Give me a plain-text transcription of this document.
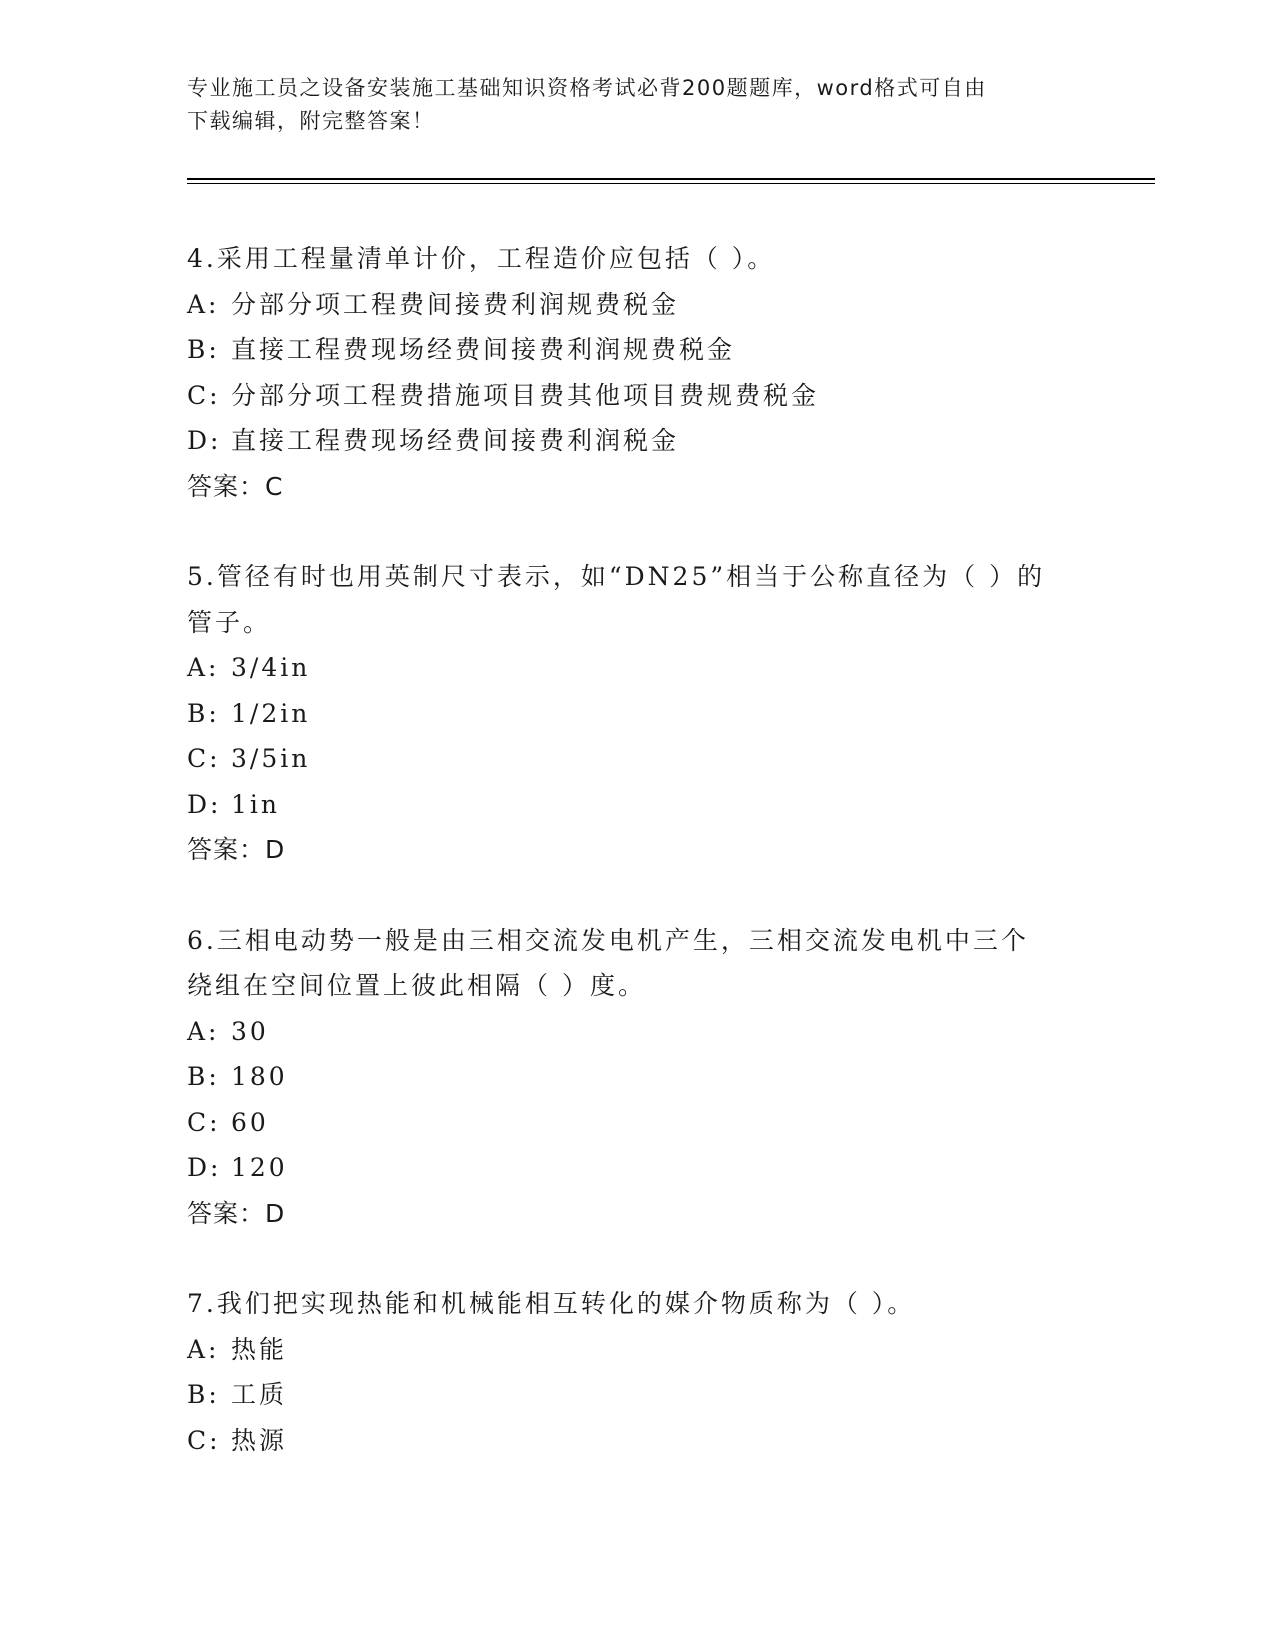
专业施工员之设备安装施工基础知识资格考试必背200题题库，word格式可自由
下载编辑，附完整答案！
4.采用工程量清单计价，工程造价应包括（ ）。
A: 分部分项工程费间接费利润规费税金
B: 直接工程费现场经费间接费利润规费税金
C: 分部分项工程费措施项目费其他项目费规费税金
D: 直接工程费现场经费间接费利润税金
答案：C
5.管径有时也用英制尺寸表示，如“DN25”相当于公称直径为（ ）的
管子。
A: 3/4in
B: 1/2in
C: 3/5in
D: 1in
答案：D
6.三相电动势一般是由三相交流发电机产生，三相交流发电机中三个
绕组在空间位置上彼此相隔（ ）度。
A: 30
B: 180
C: 60
D: 120
答案：D
7.我们把实现热能和机械能相互转化的媒介物质称为（ ）。
A: 热能
B: 工质
C: 热源
